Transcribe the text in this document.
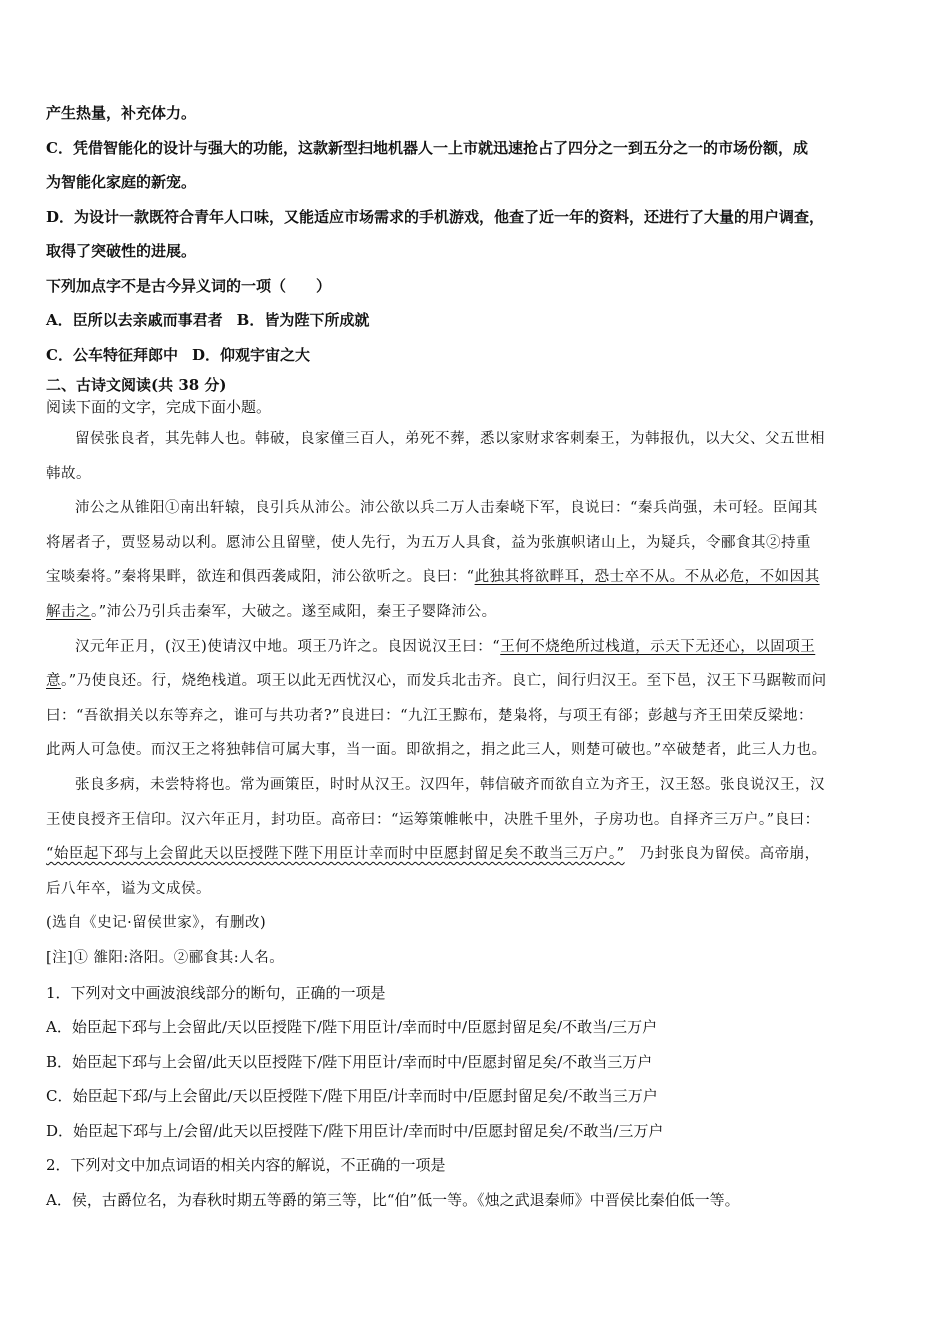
产生热量，补充体力。

C．凭借智能化的设计与强大的功能，这款新型扫地机器人一上市就迅速抢占了四分之一到五分之一的市场份额，成

为智能化家庭的新宠。

D．为设计一款既符合青年人口味，又能适应市场需求的手机游戏，他查了近一年的资料，还进行了大量的用户调查，

取得了突破性的进展。

下列加点字不是古今异义词的一项（　　）

A．臣所以去亲戚而事君者 B．皆为陛下所成就

C．公车特征拜郎中 D．仰观宇宙之大

二、古诗文阅读(共 38 分)

阅读下面的文字，完成下面小题。

留侯张良者，其先韩人也。韩破，良家僮三百人，弟死不葬，悉以家财求客刺秦王，为韩报仇，以大父、父五世相

韩故。

沛公之从锥阳①南出轩辕，良引兵从沛公。沛公欲以兵二万人击秦峣下军，良说曰：“秦兵尚强，未可轻。臣闻其

将屠者子，贾竖易动以利。愿沛公且留壁，使人先行，为五万人具食，益为张旗帜诸山上，为疑兵，令郦食其②持重

宝啖秦将。”秦将果畔，欲连和俱西袭咸阳，沛公欲听之。良曰：“此独其将欲畔耳，恐士卒不从。不从必危，不如因其

解击之。”沛公乃引兵击秦军，大破之。遂至咸阳，秦王子婴降沛公。

汉元年正月，(汉王)使请汉中地。项王乃许之。良因说汉王曰：“王何不烧绝所过栈道，示天下无还心，以固项王

意。”乃使良还。行，烧绝栈道。项王以此无西忧汉心，而发兵北击齐。良亡，间行归汉王。至下邑，汉王下马踞鞍而问

曰：“吾欲捐关以东等弃之，谁可与共功者?”良进曰：“九江王黥布，楚枭将，与项王有郤；彭越与齐王田荣反梁地：

此两人可急使。而汉王之将独韩信可属大事，当一面。即欲捐之，捐之此三人，则楚可破也。”卒破楚者，此三人力也。

张良多病，未尝特将也。常为画策臣，时时从汉王。汉四年，韩信破齐而欲自立为齐王，汉王怒。张良说汉王，汉

王使良授齐王信印。汉六年正月，封功臣。高帝曰：“运筹策帷帐中，决胜千里外，子房功也。自择齐三万户。”良曰：

“始臣起下邳与上会留此天以臣授陛下陛下用臣计幸而时中臣愿封留足矣不敢当三万户。”　乃封张良为留侯。高帝崩，

后八年卒，谥为文成侯。

(选自《史记·留侯世家》，有删改)

[注]① 雒阳:洛阳。②郦食其:人名。

1．下列对文中画波浪线部分的断句，正确的一项是

A．始臣起下邳与上会留此/天以臣授陛下/陛下用臣计/幸而时中/臣愿封留足矣/不敢当/三万户

B．始臣起下邳与上会留/此天以臣授陛下/陛下用臣计/幸而时中/臣愿封留足矣/不敢当三万户

C．始臣起下邳/与上会留此/天以臣授陛下/陛下用臣/计幸而时中/臣愿封留足矣/不敢当三万户

D．始臣起下邳与上/会留/此天以臣授陛下/陛下用臣计/幸而时中/臣愿封留足矣/不敢当/三万户

2．下列对文中加点词语的相关内容的解说，不正确的一项是

A．侯，古爵位名，为春秋时期五等爵的第三等，比“伯”低一等。《烛之武退秦师》中晋侯比秦伯低一等。
